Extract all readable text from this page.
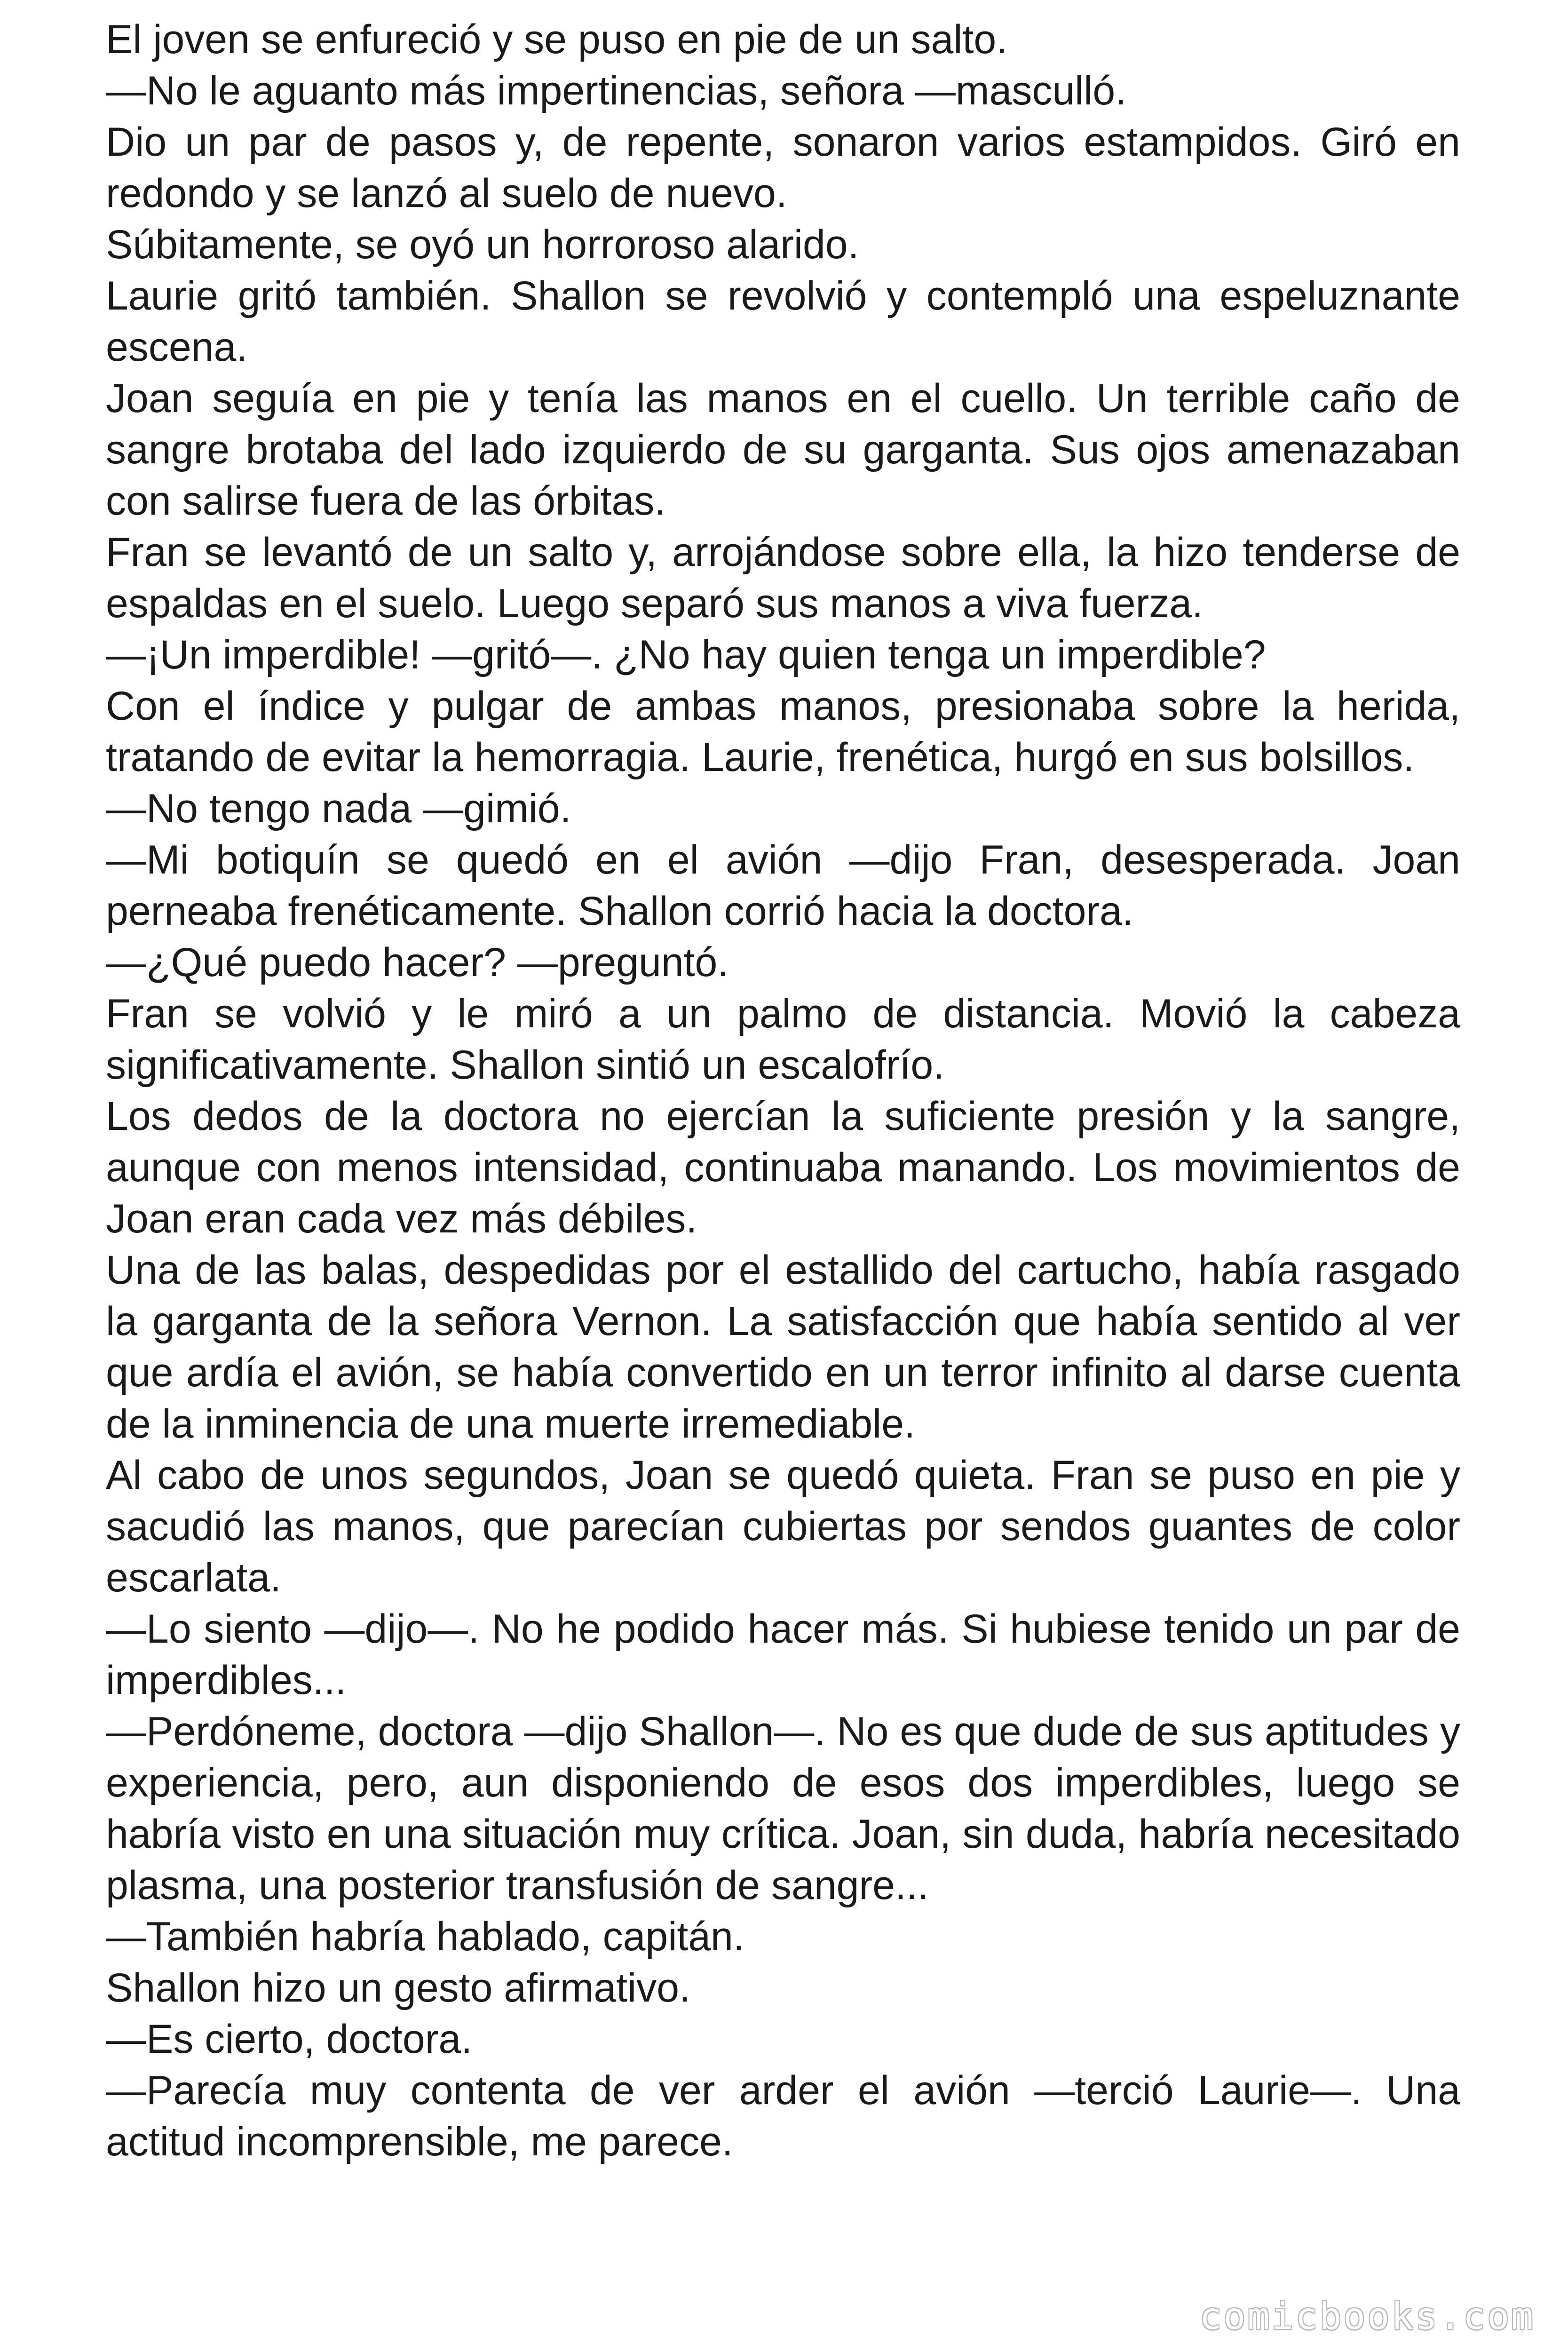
El joven se enfureció y se puso en pie de un salto.

—No le aguanto más impertinencias, señora —masculló.

Dio un par de pasos y, de repente, sonaron varios estampidos. Giró en redondo y se lanzó al suelo de nuevo.

Súbitamente, se oyó un horroroso alarido.

Laurie gritó también. Shallon se revolvió y contempló una espeluznante escena.

Joan seguía en pie y tenía las manos en el cuello. Un terrible caño de sangre brotaba del lado izquierdo de su garganta. Sus ojos amenazaban con salirse fuera de las órbitas.

Fran se levantó de un salto y, arrojándose sobre ella, la hizo tenderse de espaldas en el suelo. Luego separó sus manos a viva fuerza.

—¡Un imperdible! —gritó—. ¿No hay quien tenga un imperdible?

Con el índice y pulgar de ambas manos, presionaba sobre la herida, tratando de evitar la hemorragia. Laurie, frenética, hurgó en sus bolsillos.

—No tengo nada —gimió.

—Mi botiquín se quedó en el avión —dijo Fran, desesperada. Joan perneaba frenéticamente. Shallon corrió hacia la doctora.

—¿Qué puedo hacer? —preguntó.

Fran se volvió y le miró a un palmo de distancia. Movió la cabeza significativamente. Shallon sintió un escalofrío.

Los dedos de la doctora no ejercían la suficiente presión y la sangre, aunque con menos intensidad, continuaba manando. Los movimientos de Joan eran cada vez más débiles.

Una de las balas, despedidas por el estallido del cartucho, había rasgado la garganta de la señora Vernon. La satisfacción que había sentido al ver que ardía el avión, se había convertido en un terror infinito al darse cuenta de la inminencia de una muerte irremediable.

Al cabo de unos segundos, Joan se quedó quieta. Fran se puso en pie y sacudió las manos, que parecían cubiertas por sendos guantes de color escarlata.

—Lo siento —dijo—. No he podido hacer más. Si hubiese tenido un par de imperdibles...

—Perdóneme, doctora —dijo Shallon—. No es que dude de sus aptitudes y experiencia, pero, aun disponiendo de esos dos imperdibles, luego se habría visto en una situación muy crítica. Joan, sin duda, habría necesitado plasma, una posterior transfusión de sangre...

—También habría hablado, capitán.

Shallon hizo un gesto afirmativo.

—Es cierto, doctora.

—Parecía muy contenta de ver arder el avión —terció Laurie—. Una actitud incomprensible, me parece.

comicbooks.com
